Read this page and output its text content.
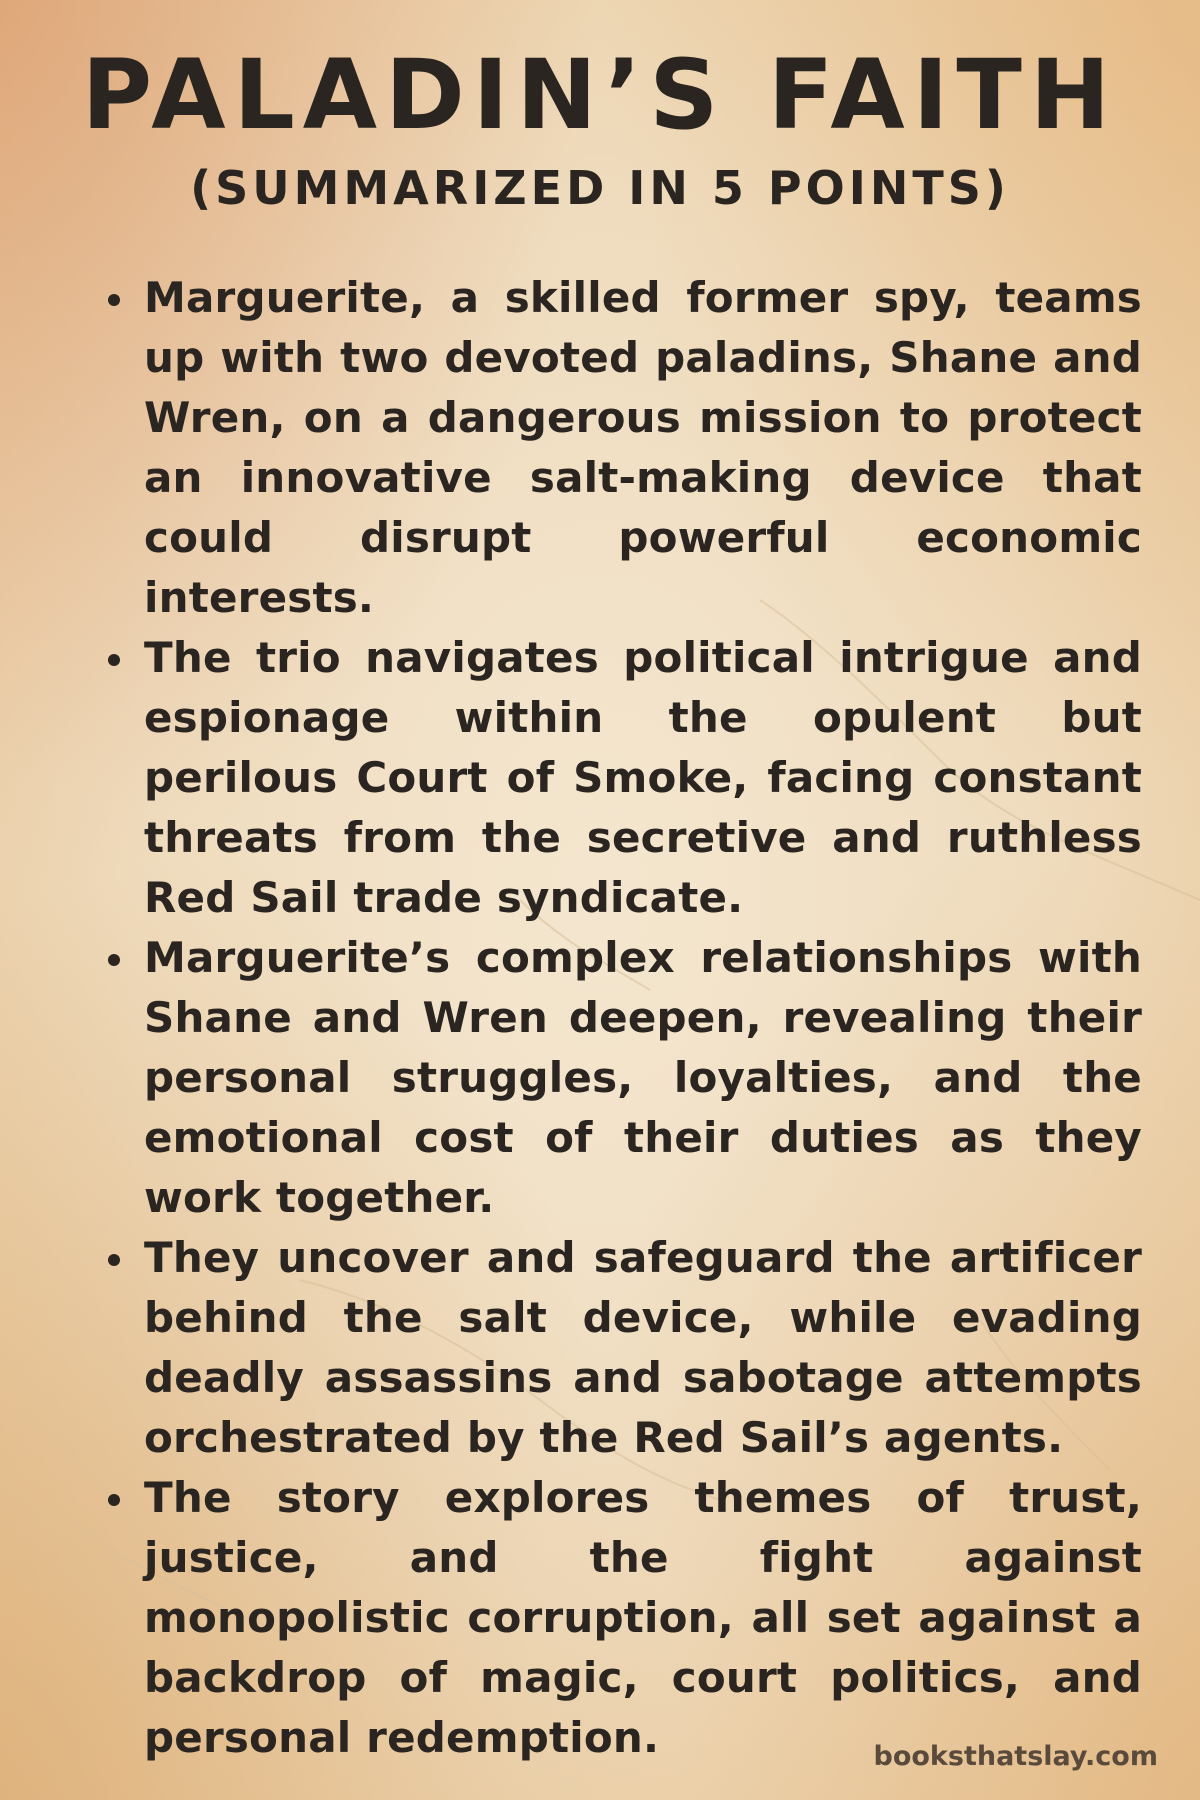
PALADIN’S FAITH
(SUMMARIZED IN 5 POINTS)
Marguerite, a skilled former spy, teams up with two devoted paladins, Shane and Wren, on a dangerous mission to protect an innovative salt-making device that could disrupt powerful economic interests.
The trio navigates political intrigue and espionage within the opulent but perilous Court of Smoke, facing constant threats from the secretive and ruthless Red Sail trade syndicate.
Marguerite’s complex relationships with Shane and Wren deepen, revealing their personal struggles, loyalties, and the emotional cost of their duties as they work together.
They uncover and safeguard the artificer behind the salt device, while evading deadly assassins and sabotage attempts orchestrated by the Red Sail’s agents.
The story explores themes of trust, justice, and the fight against monopolistic corruption, all set against a backdrop of magic, court politics, and personal redemption.	booksthatslay.com
